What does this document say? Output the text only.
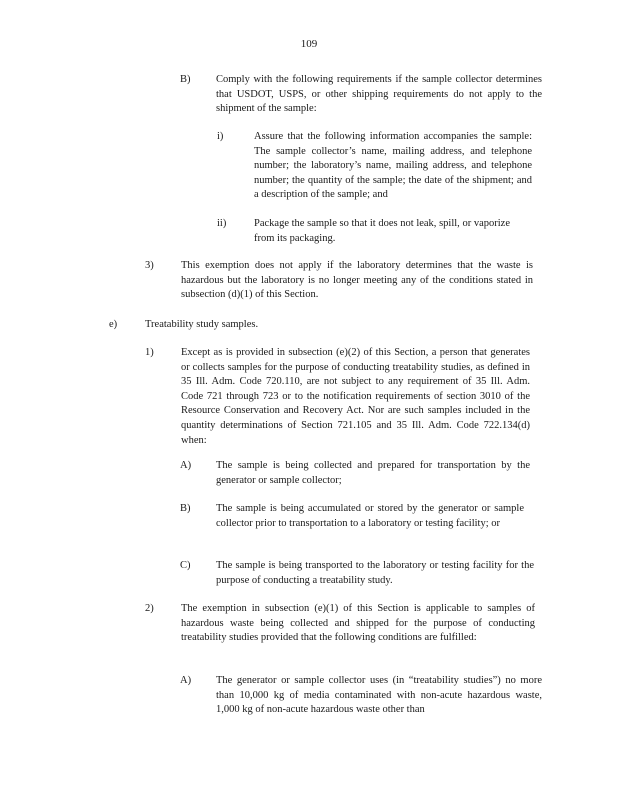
109
B) Comply with the following requirements if the sample collector determines that USDOT, USPS, or other shipping requirements do not apply to the shipment of the sample:
i)	Assure that the following information accompanies the sample: The sample collector’s name, mailing address, and telephone number; the laboratory’s name, mailing address, and telephone number; the quantity of the sample; the date of the shipment; and a description of the sample; and
ii)	Package the sample so that it does not leak, spill, or vaporize from its packaging.
3)	This exemption does not apply if the laboratory determines that the waste is hazardous but the laboratory is no longer meeting any of the conditions stated in subsection (d)(1) of this Section.
e)	Treatability study samples.
1)	Except as is provided in subsection (e)(2) of this Section, a person that generates or collects samples for the purpose of conducting treatability studies, as defined in 35 Ill. Adm. Code 720.110, are not subject to any requirement of 35 Ill. Adm. Code 721 through 723 or to the notification requirements of section 3010 of the Resource Conservation and Recovery Act. Nor are such samples included in the quantity determinations of Section 721.105 and 35 Ill. Adm. Code 722.134(d) when:
A) The sample is being collected and prepared for transportation by the generator or sample collector;
B) The sample is being accumulated or stored by the generator or sample collector prior to transportation to a laboratory or testing facility; or
C) The sample is being transported to the laboratory or testing facility for the purpose of conducting a treatability study.
2)	The exemption in subsection (e)(1) of this Section is applicable to samples of hazardous waste being collected and shipped for the purpose of conducting treatability studies provided that the following conditions are fulfilled:
A) The generator or sample collector uses (in “treatability studies”) no more than 10,000 kg of media contaminated with non-acute hazardous waste, 1,000 kg of non-acute hazardous waste other than
